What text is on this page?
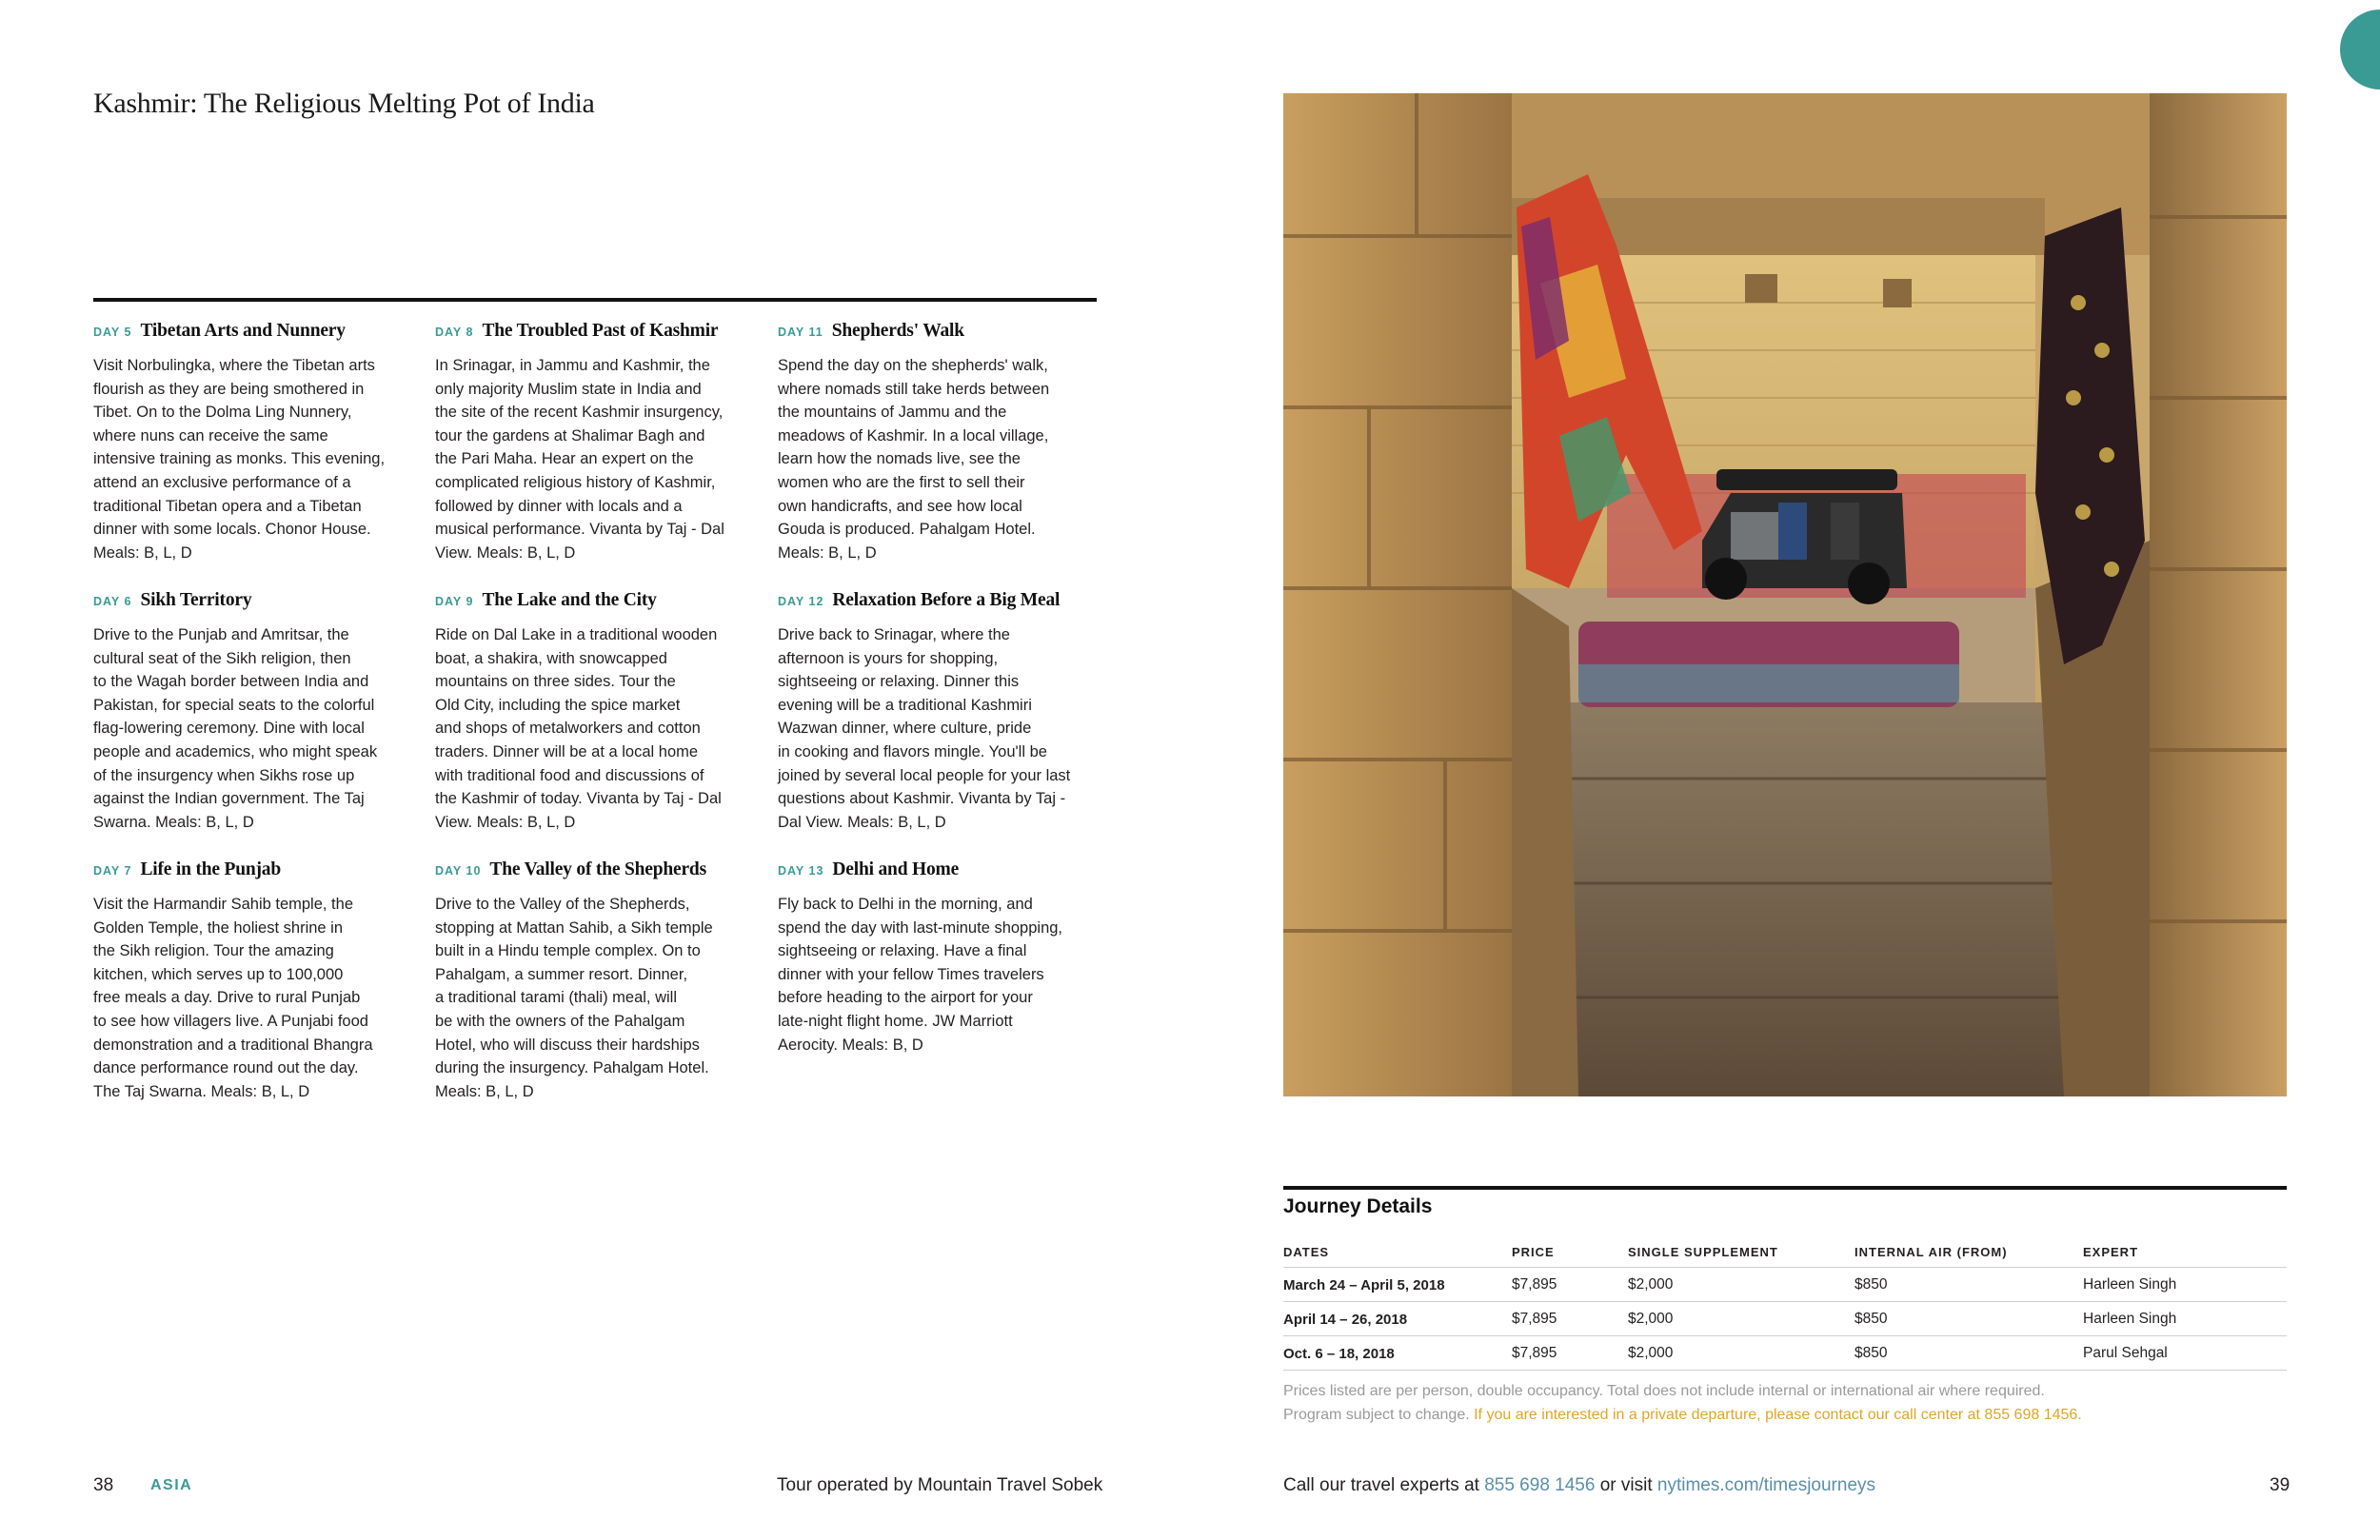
Kashmir: The Religious Melting Pot of India
DAY 5 Tibetan Arts and Nunnery
Visit Norbulingka, where the Tibetan arts
flourish as they are being smothered in
Tibet. On to the Dolma Ling Nunnery,
where nuns can receive the same
intensive training as monks. This evening,
attend an exclusive performance of a
traditional Tibetan opera and a Tibetan
dinner with some locals. Chonor House.
Meals: B, L, D
DAY 6 Sikh Territory
Drive to the Punjab and Amritsar, the
cultural seat of the Sikh religion, then
to the Wagah border between India and
Pakistan, for special seats to the colorful
flag-lowering ceremony. Dine with local
people and academics, who might speak
of the insurgency when Sikhs rose up
against the Indian government. The Taj
Swarna. Meals: B, L, D
DAY 7 Life in the Punjab
Visit the Harmandir Sahib temple, the
Golden Temple, the holiest shrine in
the Sikh religion. Tour the amazing
kitchen, which serves up to 100,000
free meals a day. Drive to rural Punjab
to see how villagers live. A Punjabi food
demonstration and a traditional Bhangra
dance performance round out the day.
The Taj Swarna. Meals: B, L, D
DAY 8 The Troubled Past of Kashmir
In Srinagar, in Jammu and Kashmir, the
only majority Muslim state in India and
the site of the recent Kashmir insurgency,
tour the gardens at Shalimar Bagh and
the Pari Maha. Hear an expert on the
complicated religious history of Kashmir,
followed by dinner with locals and a
musical performance. Vivanta by Taj - Dal
View. Meals: B, L, D
DAY 9 The Lake and the City
Ride on Dal Lake in a traditional wooden
boat, a shakira, with snowcapped
mountains on three sides. Tour the
Old City, including the spice market
and shops of metalworkers and cotton
traders. Dinner will be at a local home
with traditional food and discussions of
the Kashmir of today. Vivanta by Taj - Dal
View. Meals: B, L, D
DAY 10 The Valley of the Shepherds
Drive to the Valley of the Shepherds,
stopping at Mattan Sahib, a Sikh temple
built in a Hindu temple complex. On to
Pahalgam, a summer resort. Dinner,
a traditional tarami (thali) meal, will
be with the owners of the Pahalgam
Hotel, who will discuss their hardships
during the insurgency. Pahalgam Hotel.
Meals: B, L, D
DAY 11 Shepherds' Walk
Spend the day on the shepherds' walk,
where nomads still take herds between
the mountains of Jammu and the
meadows of Kashmir. In a local village,
learn how the nomads live, see the
women who are the first to sell their
own handicrafts, and see how local
Gouda is produced. Pahalgam Hotel.
Meals: B, L, D
DAY 12 Relaxation Before a Big Meal
Drive back to Srinagar, where the
afternoon is yours for shopping,
sightseeing or relaxing. Dinner this
evening will be a traditional Kashmiri
Wazwan dinner, where culture, pride
in cooking and flavors mingle. You'll be
joined by several local people for your last
questions about Kashmir. Vivanta by Taj -
Dal View. Meals: B, L, D
DAY 13 Delhi and Home
Fly back to Delhi in the morning, and
spend the day with last-minute shopping,
sightseeing or relaxing. Have a final
dinner with your fellow Times travelers
before heading to the airport for your
late-night flight home. JW Marriott
Aerocity. Meals: B, D
38 ASIA	Tour operated by Mountain Travel Sobek
Journey Details
DATES	PRICE	SINGLE SUPPLEMENT	INTERNAL AIR (FROM)	EXPERT
March 24 – April 5, 2018	$7,895	$2,000	$850	Harleen Singh
April 14 – 26, 2018	$7,895	$2,000	$850	Harleen Singh
Oct. 6 – 18, 2018	$7,895	$2,000	$850	Parul Sehgal
Prices listed are per person, double occupancy. Total does not include internal or international air where required.
Program subject to change. If you are interested in a private departure, please contact our call center at 855 698 1456.
Call our travel experts at 855 698 1456 or visit nytimes.com/timesjourneys	39
